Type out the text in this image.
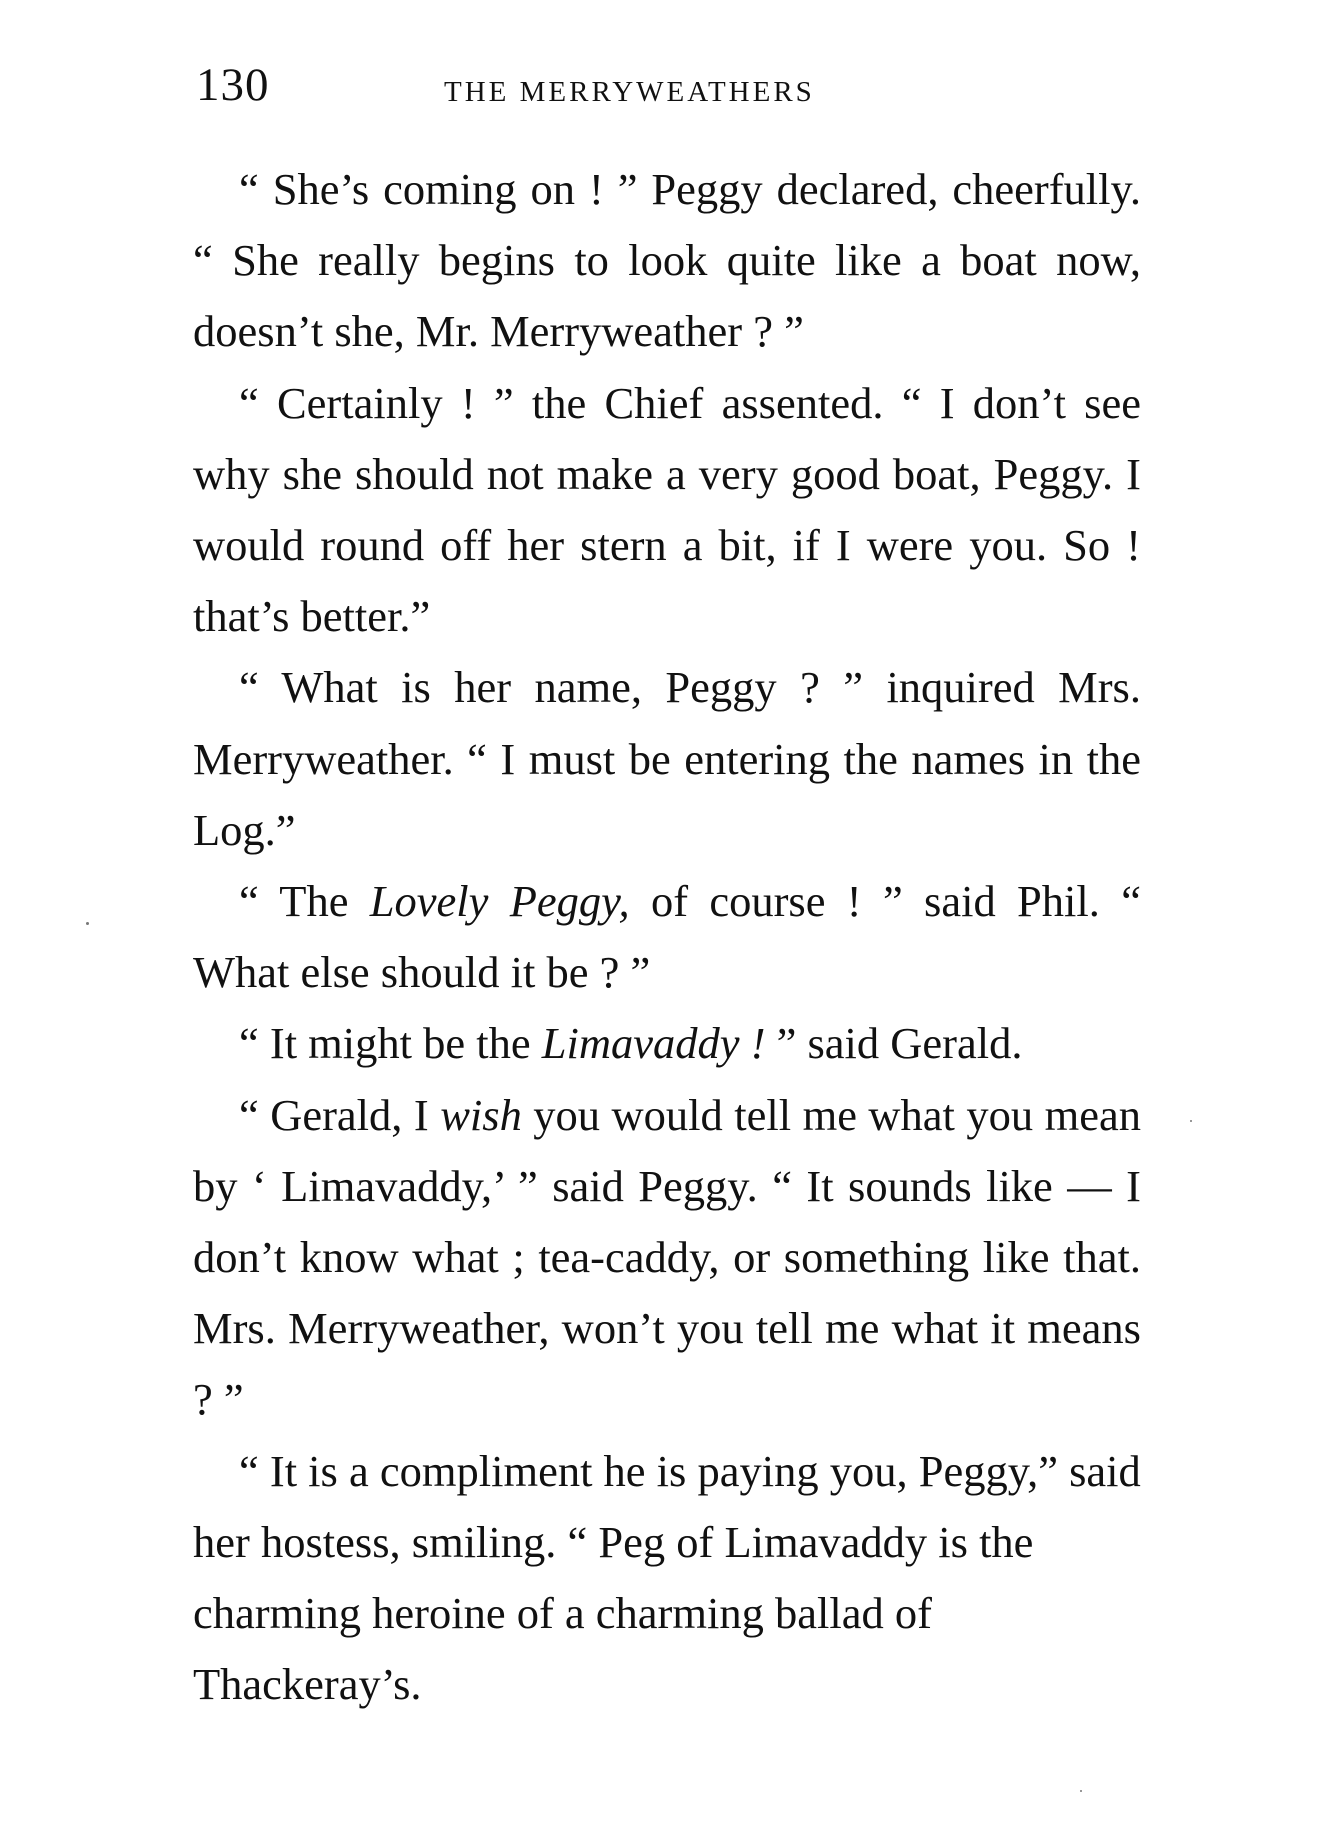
130	THE MERRYWEATHERS

“ She’s coming on ! ” Peggy declared, cheerfully. “ She really begins to look quite like a boat now, doesn’t she, Mr. Merryweather ? ”

“ Certainly ! ” the Chief assented. “ I don’t see why she should not make a very good boat, Peggy. I would round off her stern a bit, if I were you. So ! that’s better.”

“ What is her name, Peggy ? ” inquired Mrs. Merryweather. “ I must be entering the names in the Log.”

“ The Lovely Peggy, of course ! ” said Phil. “ What else should it be ? ”

“ It might be the Limavaddy ! ” said Gerald.

“ Gerald, I wish you would tell me what you mean by ‘ Limavaddy,’ ” said Peggy. “ It sounds like — I don’t know what ; tea-caddy, or something like that. Mrs. Merryweather, won’t you tell me what it means ? ”

“ It is a compliment he is paying you, Peggy,” said her hostess, smiling. “ Peg of Limavaddy is the charming heroine of a charming ballad of Thackeray’s.
